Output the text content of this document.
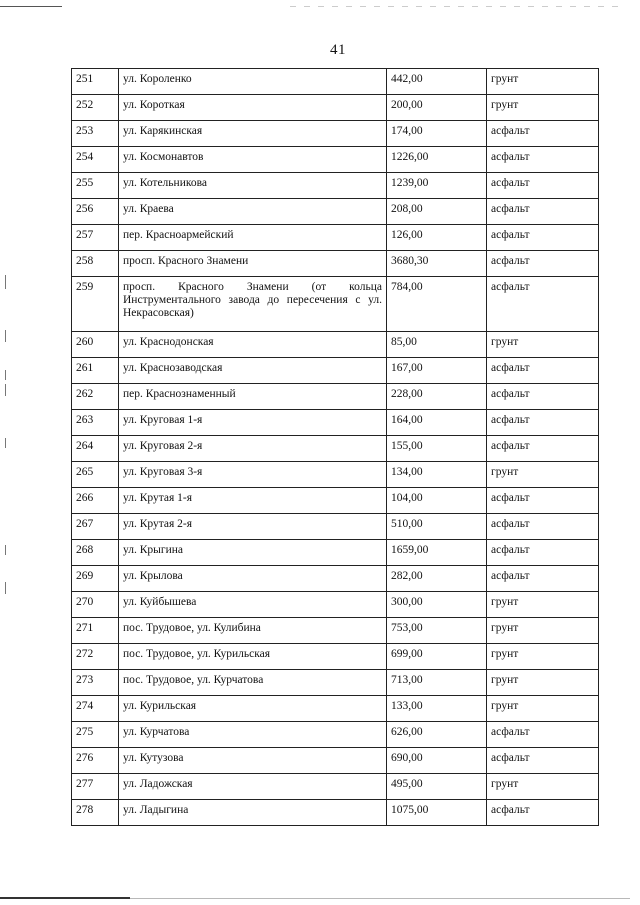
41
251	ул. Короленко	442,00	грунт
252	ул. Короткая	200,00	грунт
253	ул. Карякинская	174,00	асфальт
254	ул. Космонавтов	1226,00	асфальт
255	ул. Котельникова	1239,00	асфальт
256	ул. Краева	208,00	асфальт
257	пер. Красноармейский	126,00	асфальт
258	просп. Красного Знамени	3680,30	асфальт
259	просп. Красного Знамени (от кольца Инструментального завода до пересечения с ул. Некрасовская)	784,00	асфальт
260	ул. Краснодонская	85,00	грунт
261	ул. Краснозаводская	167,00	асфальт
262	пер. Краснознаменный	228,00	асфальт
263	ул. Круговая 1-я	164,00	асфальт
264	ул. Круговая 2-я	155,00	асфальт
265	ул. Круговая 3-я	134,00	грунт
266	ул. Крутая 1-я	104,00	асфальт
267	ул. Крутая 2-я	510,00	асфальт
268	ул. Крыгина	1659,00	асфальт
269	ул. Крылова	282,00	асфальт
270	ул. Куйбышева	300,00	грунт
271	пос. Трудовое, ул. Кулибина	753,00	грунт
272	пос. Трудовое, ул. Курильская	699,00	грунт
273	пос. Трудовое, ул. Курчатова	713,00	грунт
274	ул. Курильская	133,00	грунт
275	ул. Курчатова	626,00	асфальт
276	ул. Кутузова	690,00	асфальт
277	ул. Ладожская	495,00	грунт
278	ул. Ладыгина	1075,00	асфальт
